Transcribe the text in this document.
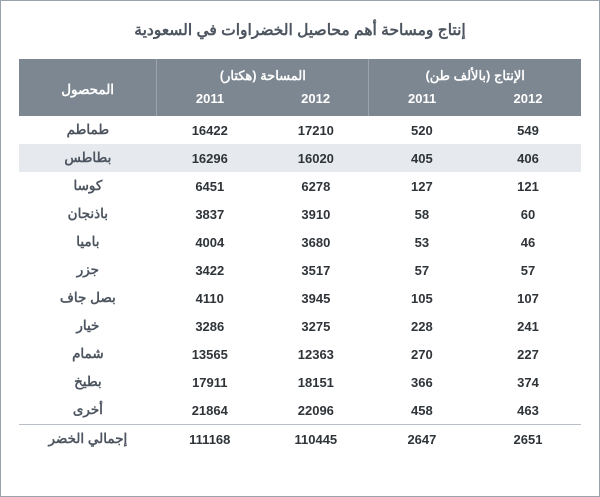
إنتاج ومساحة أهم محاصيل الخضراوات في السعودية
الإنتاج (بالألف طن)		المساحة (هكتار)		المحصول
2012	2011	2012	2011	
549	520	17210	16422	طماطم
406	405	16020	16296	بطاطس
121	127	6278	6451	كوسا
60	58	3910	3837	باذنجان
46	53	3680	4004	باميا
57	57	3517	3422	جزر
107	105	3945	4110	بصل جاف
241	228	3275	3286	خيار
227	270	12363	13565	شمام
374	366	18151	17911	بطيخ
463	458	22096	21864	أخرى
2651	2647	110445	111168	إجمالي الخضر
